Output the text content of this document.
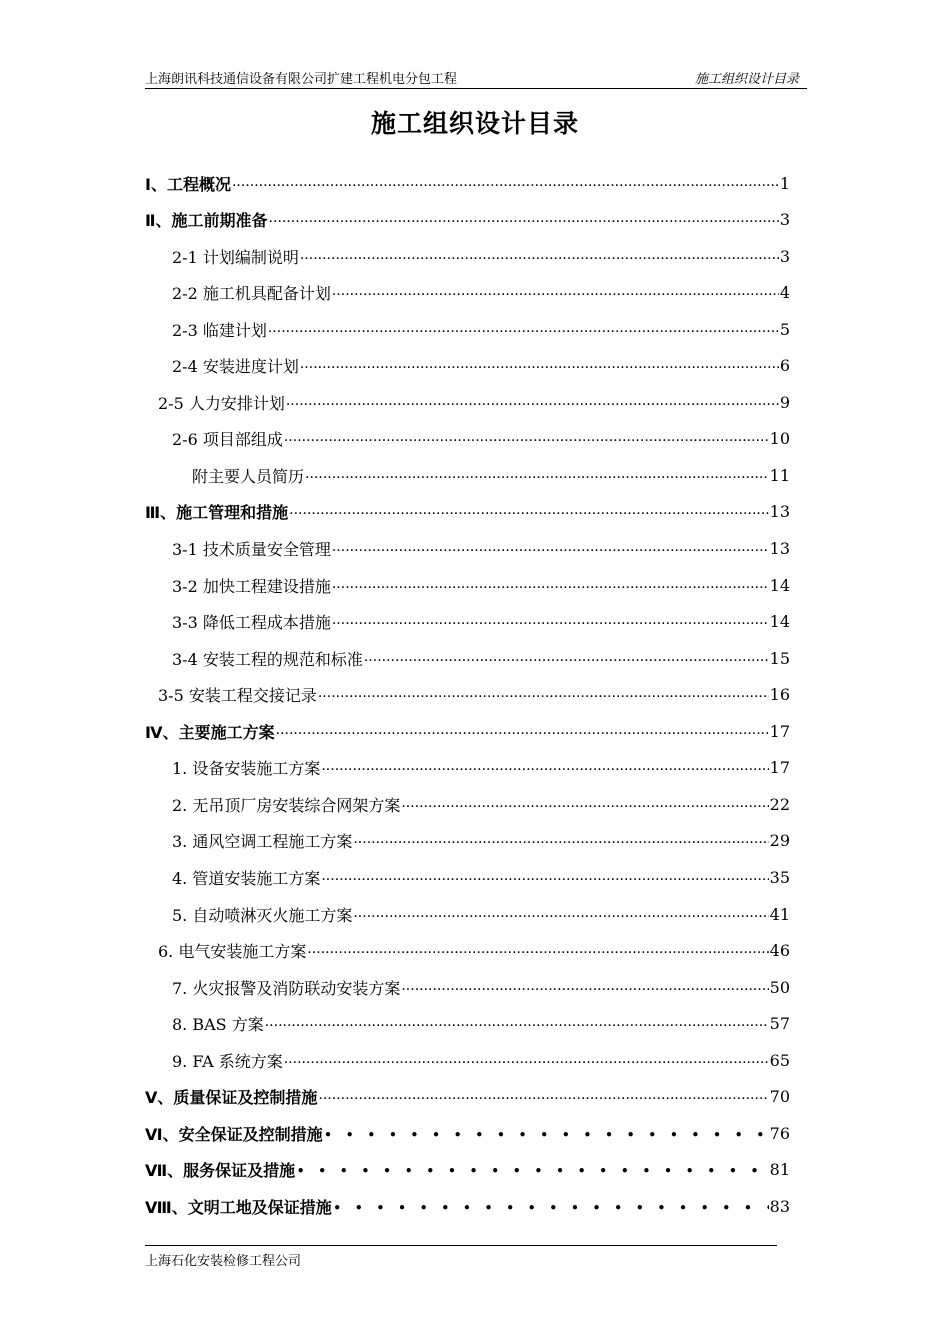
上海朗讯科技通信设备有限公司扩建工程机电分包工程	施工组织设计目录
施工组织设计目录
Ⅰ、工程概况 ·····	1
Ⅱ、施工前期准备 ·····	3
2-1 计划编制说明 ·····	3
2-2 施工机具配备计划 ·····	4
2-3 临建计划 ·····	5
2-4 安装进度计划 ·····	6
2-5 人力安排计划 ·····	9
2-6 项目部组成 ·····	10
附主要人员简历 ·····	11
Ⅲ、施工管理和措施 ·····	13
3-1 技术质量安全管理 ·····	13
3-2 加快工程建设措施 ·····	14
3-3 降低工程成本措施 ·····	14
3-4 安装工程的规范和标准 ·····	15
3-5 安装工程交接记录 ·····	16
Ⅳ、主要施工方案 ·····	17
1. 设备安装施工方案 ·····	17
2. 无吊顶厂房安装综合网架方案 ·····	22
3. 通风空调工程施工方案 ·····	29
4. 管道安装施工方案 ·····	35
5. 自动喷淋灭火施工方案 ·····	41
6. 电气安装施工方案 ·····	46
7. 火灾报警及消防联动安装方案 ·····	50
8. BAS 方案 ·····	57
9. FA 系统方案 ·····	65
Ⅴ、质量保证及控制措施 ·····	70
Ⅵ、安全保证及控制措施 • • •	76
Ⅶ、服务保证及措施 • • •	81
Ⅷ、文明工地及保证措施 • • •	83
上海石化安装检修工程公司
